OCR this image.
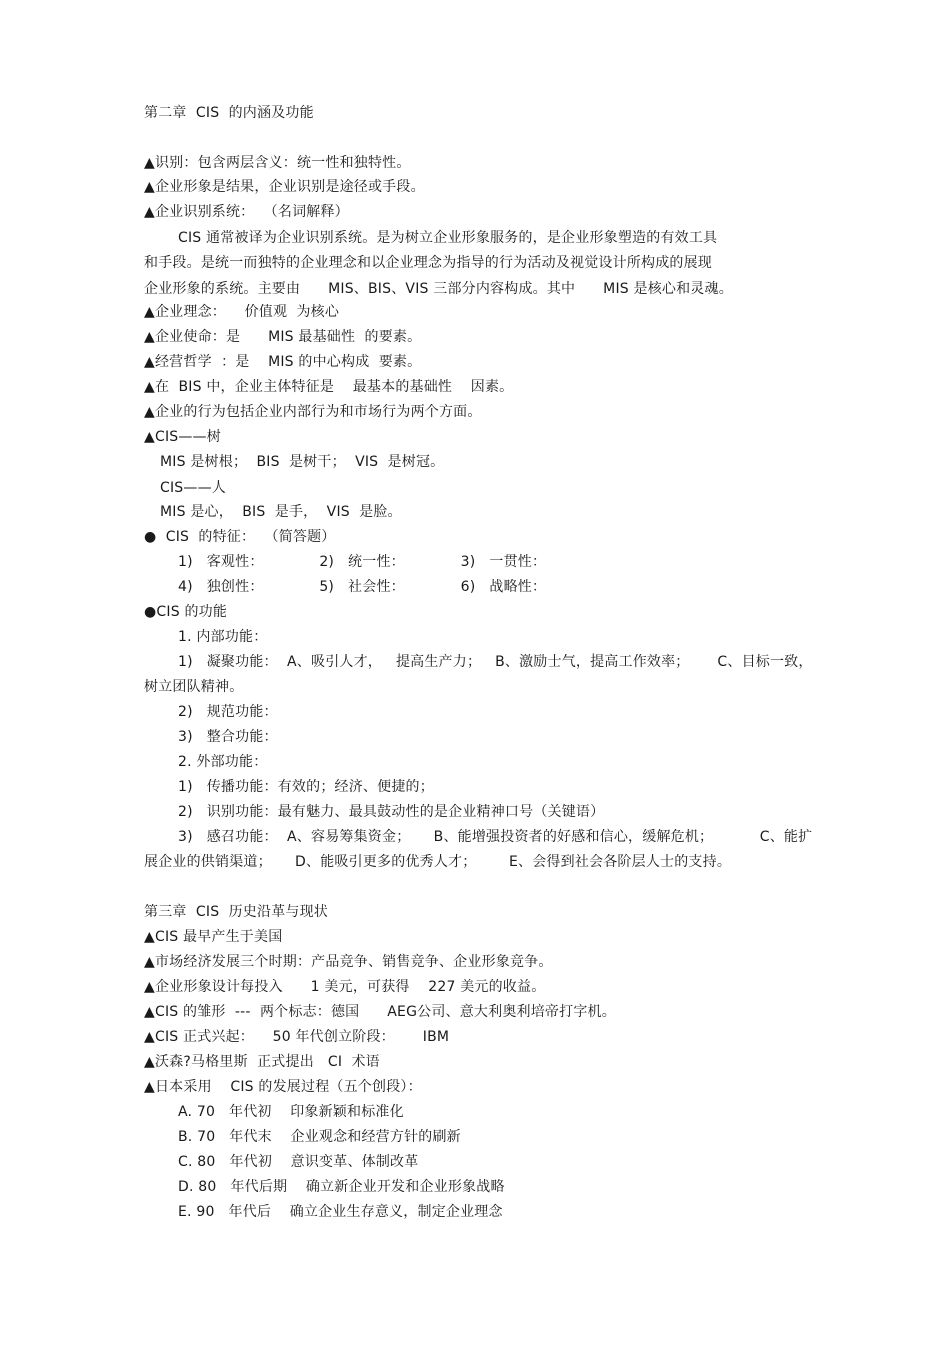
第二章  CIS  的内涵及功能
▲识别：包含两层含义：统一性和独特性。
▲企业形象是结果，企业识别是途径或手段。
▲企业识别系统：  （名词解释）
CIS 通常被译为企业识别系统。是为树立企业形象服务的，是企业形象塑造的有效工具
和手段。是统一而独特的企业理念和以企业理念为指导的行为活动及视觉设计所构成的展现
企业形象的系统。主要由      MIS、BIS、VIS 三部分内容构成。其中      MIS 是核心和灵魂。
▲企业理念：    价值观  为核心
▲企业使命：是      MIS 最基础性  的要素。
▲经营哲学  ：是    MIS 的中心构成  要素。
▲在  BIS 中，企业主体特征是    最基本的基础性    因素。
▲企业的行为包括企业内部行为和市场行为两个方面。
▲CIS——树
MIS 是树根；  BIS  是树干；  VIS  是树冠。
CIS——人
MIS 是心，  BIS  是手，  VIS  是脸。
●  CIS  的特征：  （简答题）
1)   客观性：            2)   统一性：            3)   一贯性：
4)   独创性：            5)   社会性：            6)   战略性：
●CIS 的功能
1. 内部功能：
1)   凝聚功能：  A、吸引人才，   提高生产力；   B、激励士气，提高工作效率；      C、目标一致，
树立团队精神。
2)   规范功能：
3)   整合功能：
2. 外部功能：
1)   传播功能：有效的；经济、便捷的；
2)   识别功能：最有魅力、最具鼓动性的是企业精神口号（关键语）
3)   感召功能：  A、容易筹集资金；     B、能增强投资者的好感和信心，缓解危机；          C、能扩
展企业的供销渠道；     D、能吸引更多的优秀人才；       E、会得到社会各阶层人士的支持。
第三章  CIS  历史沿革与现状
▲CIS 最早产生于美国
▲市场经济发展三个时期：产品竞争、销售竞争、企业形象竞争。
▲企业形象设计每投入      1 美元，可获得    227 美元的收益。
▲CIS 的雏形  ---  两个标志：德国      AEG公司、意大利奥利培帝打字机。
▲CIS 正式兴起：    50 年代创立阶段：      IBM
▲沃森?马格里斯  正式提出   CI  术语
▲日本采用    CIS 的发展过程（五个创段）：
A. 70   年代初    印象新颖和标准化
B. 70   年代末    企业观念和经营方针的刷新
C. 80   年代初    意识变革、体制改革
D. 80   年代后期    确立新企业开发和企业形象战略
E. 90   年代后    确立企业生存意义，制定企业理念
